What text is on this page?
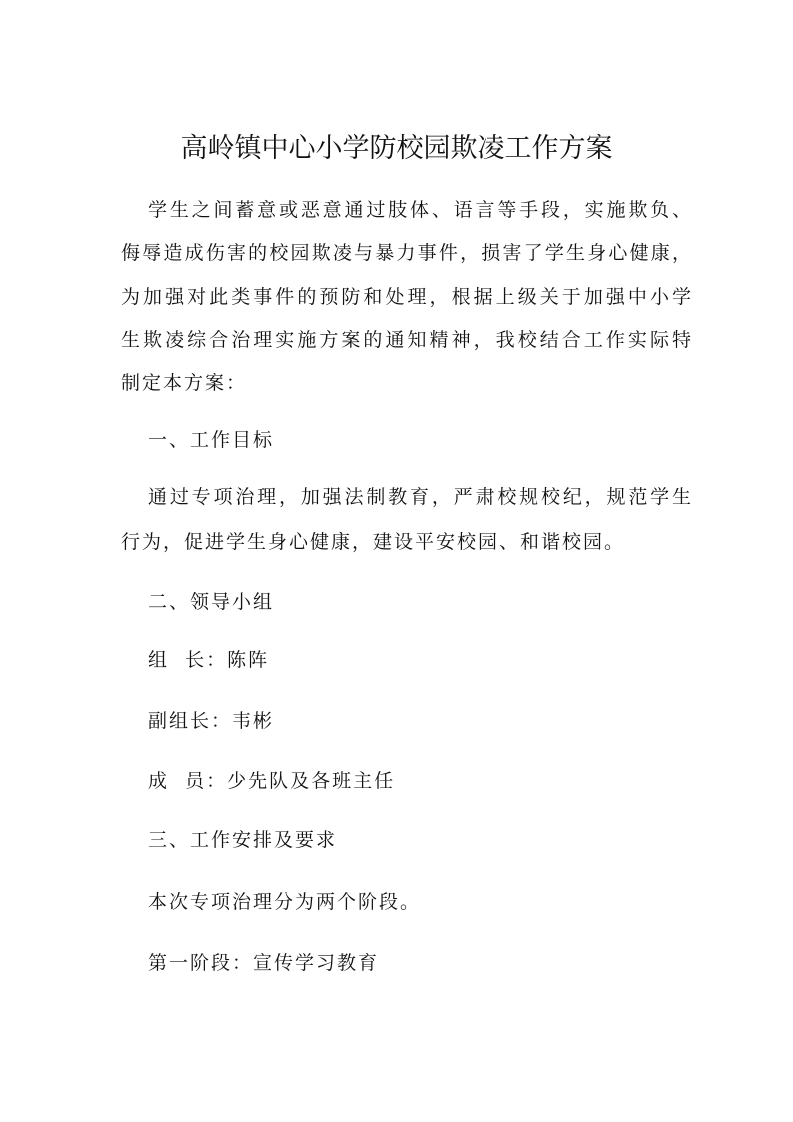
高岭镇中心小学防校园欺凌工作方案
学生之间蓄意或恶意通过肢体、语言等手段，实施欺负、
侮辱造成伤害的校园欺凌与暴力事件，损害了学生身心健康，
为加强对此类事件的预防和处理，根据上级关于加强中小学
生欺凌综合治理实施方案的通知精神，我校结合工作实际特
制定本方案：
一、工作目标
通过专项治理，加强法制教育，严肃校规校纪，规范学生
行为，促进学生身心健康，建设平安校园、和谐校园。
二、领导小组
组  长：陈阵
副组长：韦彬
成  员：少先队及各班主任
三、工作安排及要求
本次专项治理分为两个阶段。
第一阶段：宣传学习教育
